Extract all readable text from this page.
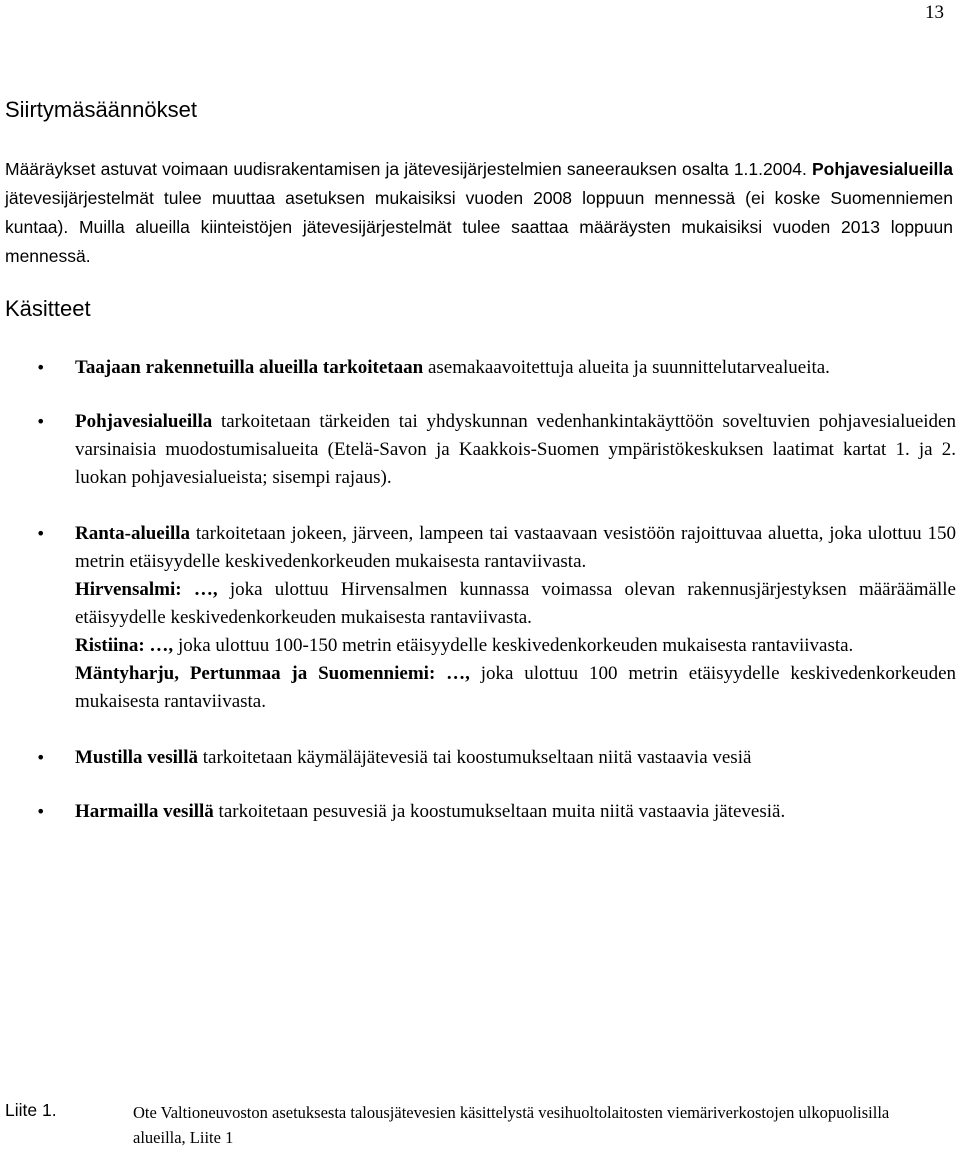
13
Siirtymäsäännökset

Määräykset astuvat voimaan uudisrakentamisen ja jätevesijärjestelmien saneerauksen osalta 1.1.2004. Pohjavesialueilla jätevesijärjestelmät tulee muuttaa asetuksen mukaisiksi vuoden 2008 loppuun mennessä (ei koske Suomenniemen kuntaa). Muilla alueilla kiinteistöjen jätevesijärjestelmät tulee saattaa määräysten mukaisiksi vuoden 2013 loppuun mennessä.

Käsitteet
• Taajaan rakennetuilla alueilla tarkoitetaan asemakaavoitettuja alueita ja suunnittelutarvealueita.
• Pohjavesialueilla tarkoitetaan tärkeiden tai yhdyskunnan vedenhankintakäyttöön soveltuvien pohjavesialueiden varsinaisia muodostumisalueita (Etelä-Savon ja Kaakkois-Suomen ympäristökeskuksen laatimat kartat 1. ja 2. luokan pohjavesialueista; sisempi rajaus).
• Ranta-alueilla tarkoitetaan jokeen, järveen, lampeen tai vastaavaan vesistöön rajoittuvaa aluetta, joka ulottuu 150 metrin etäisyydelle keskivedenkorkeuden mukaisesta rantaviivasta.
Hirvensalmi: …, joka ulottuu Hirvensalmen kunnassa voimassa olevan rakennusjärjestyksen määräämälle etäisyydelle keskivedenkorkeuden mukaisesta rantaviivasta.
Ristiina: …, joka ulottuu 100-150 metrin etäisyydelle keskivedenkorkeuden mukaisesta rantaviivasta.
Mäntyharju, Pertunmaa ja Suomenniemi: …, joka ulottuu 100 metrin etäisyydelle keskivedenkorkeuden mukaisesta rantaviivasta.
• Mustilla vesillä tarkoitetaan käymäläjätevesiä tai koostumukseltaan niitä vastaavia vesiä
• Harmailla vesillä tarkoitetaan pesuvesiä ja koostumukseltaan muita niitä vastaavia jätevesiä.

Liite 1.	Ote Valtioneuvoston asetuksesta talousjätevesien käsittelystä vesihuoltolaitosten viemäriverkostojen ulkopuolisilla alueilla, Liite 1
